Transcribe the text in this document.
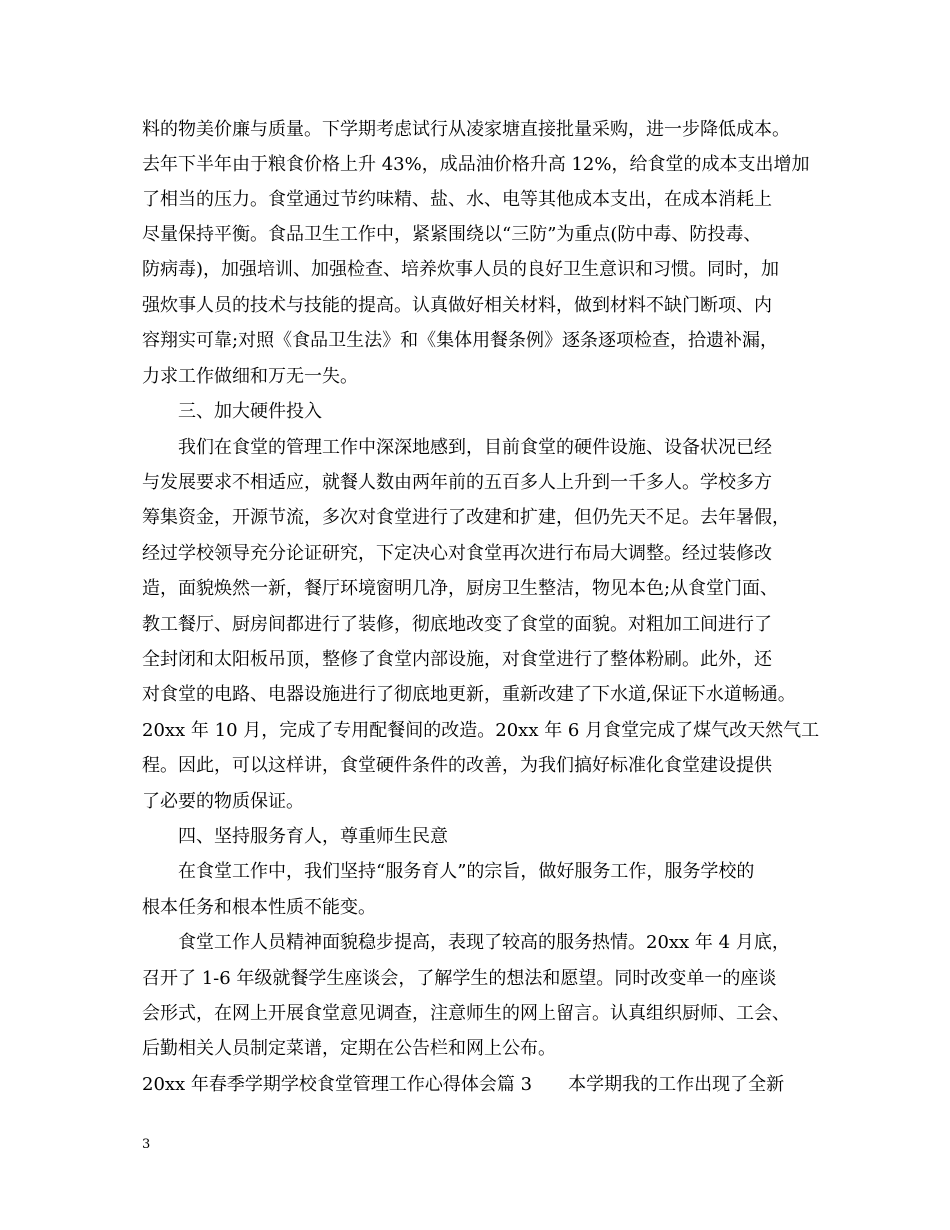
料的物美价廉与质量。下学期考虑试行从凌家塘直接批量采购，进一步降低成本。
去年下半年由于粮食价格上升 43%，成品油价格升高 12%，给食堂的成本支出增加
了相当的压力。食堂通过节约味精、盐、水、电等其他成本支出，在成本消耗上
尽量保持平衡。食品卫生工作中，紧紧围绕以“三防”为重点(防中毒、防投毒、
防病毒)，加强培训、加强检查、培养炊事人员的良好卫生意识和习惯。同时，加
强炊事人员的技术与技能的提高。认真做好相关材料，做到材料不缺门断项、内
容翔实可靠;对照《食品卫生法》和《集体用餐条例》逐条逐项检查，拾遗补漏，
力求工作做细和万无一失。
三、加大硬件投入
我们在食堂的管理工作中深深地感到，目前食堂的硬件设施、设备状况已经
与发展要求不相适应，就餐人数由两年前的五百多人上升到一千多人。学校多方
筹集资金，开源节流，多次对食堂进行了改建和扩建，但仍先天不足。去年暑假，
经过学校领导充分论证研究，下定决心对食堂再次进行布局大调整。经过装修改
造，面貌焕然一新，餐厅环境窗明几净，厨房卫生整洁，物见本色;从食堂门面、
教工餐厅、厨房间都进行了装修，彻底地改变了食堂的面貌。对粗加工间进行了
全封闭和太阳板吊顶，整修了食堂内部设施，对食堂进行了整体粉刷。此外，还
对食堂的电路、电器设施进行了彻底地更新，重新改建了下水道,保证下水道畅通。
20xx 年 10 月，完成了专用配餐间的改造。20xx 年 6 月食堂完成了煤气改天然气工
程。因此，可以这样讲，食堂硬件条件的改善，为我们搞好标准化食堂建设提供
了必要的物质保证。
四、坚持服务育人，尊重师生民意
在食堂工作中，我们坚持“服务育人”的宗旨，做好服务工作，服务学校的
根本任务和根本性质不能变。
食堂工作人员精神面貌稳步提高，表现了较高的服务热情。20xx 年 4 月底，
召开了 1-6 年级就餐学生座谈会，了解学生的想法和愿望。同时改变单一的座谈
会形式，在网上开展食堂意见调查，注意师生的网上留言。认真组织厨师、工会、
后勤相关人员制定菜谱，定期在公告栏和网上公布。
20xx 年春季学期学校食堂管理工作心得体会篇 3　　本学期我的工作出现了全新
3
